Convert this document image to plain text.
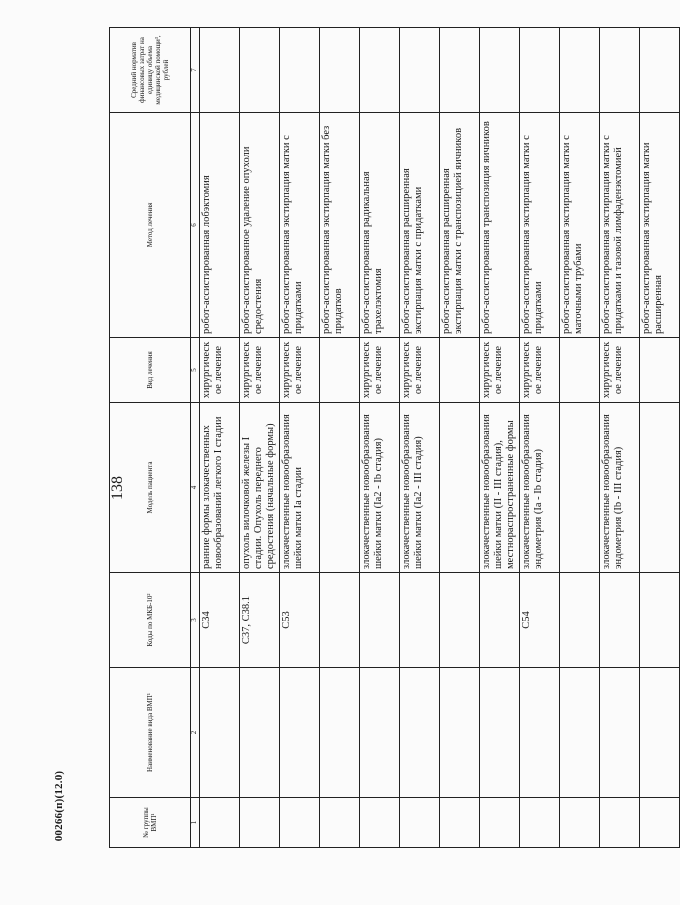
138
00266(п)(12.0)	№ группы ВМП¹	Наименование вида ВМП¹	Коды по МКБ-10²	Модель пациента	Вид лечения	Метод лечения	Средний норматив финансовых затрат на единицу объема медицинской помощи³, рублей
1	2	3	4	5	6	7
		C34	ранние формы злокачественных новообразований легкого I стадии	хирургическое лечение	робот-ассистированная лобэктомия	
		C37, C38.1	опухоль вилочковой железы I стадии. Опухоль переднего средостения (начальные формы)	хирургическое лечение	робот-ассистированное удаление опухоли средостения	
		C53	злокачественные новообразования шейки матки Ia стадии	хирургическое лечение	робот-ассистированная экстирпация матки с придатками	
					робот-ассистированная экстирпация матки без придатков	
			злокачественные новообразования шейки матки (Ia2 - Ib стадия)	хирургическое лечение	робот-ассистированная радикальная трахелэктомия	
			злокачественные новообразования шейки матки (Ia2 - III стадия)	хирургическое лечение	робот-ассистированная расширенная экстирпация матки с придатками	
					робот-ассистированная расширенная экстирпация матки с транспозицией яичников	
			злокачественные новообразования шейки матки (II - III стадия), местнораспространенные формы	хирургическое лечение	робот-ассистированная транспозиция яичников	
		C54	злокачественные новообразования эндометрия (Ia - Ib стадия)	хирургическое лечение	робот-ассистированная экстирпация матки с придатками	
					робот-ассистированная экстирпация матки с маточными трубами	
			злокачественные новообразования эндометрия (Ib - III стадия)	хирургическое лечение	робот-ассистированная экстирпация матки с придатками и тазовой лимфаденэктомией	
					робот-ассистированная экстирпация матки расширенная	
